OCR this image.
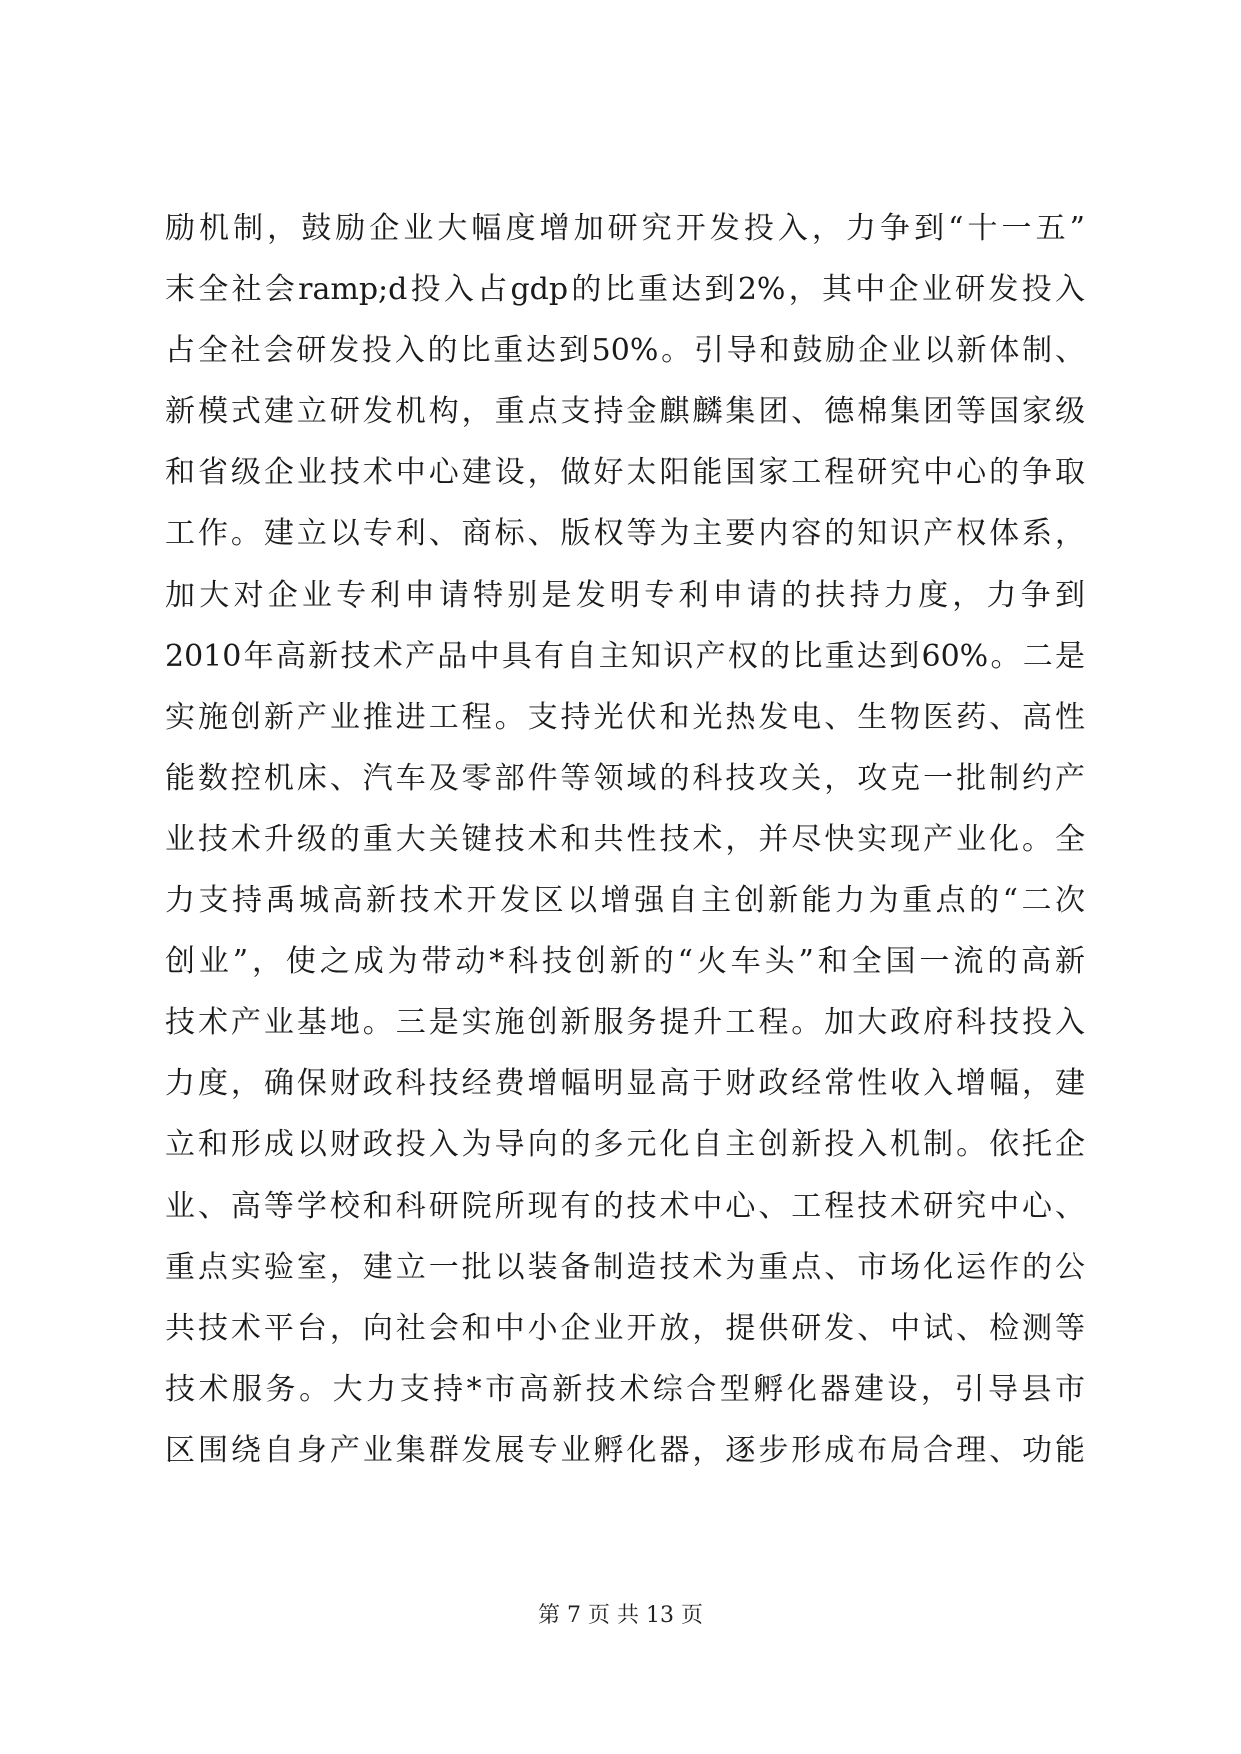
励机制，鼓励企业大幅度增加研究开发投入，力争到“十一五”
末全社会ramp;d投入占gdp的比重达到2%，其中企业研发投入
占全社会研发投入的比重达到50%。引导和鼓励企业以新体制、
新模式建立研发机构，重点支持金麒麟集团、德棉集团等国家级
和省级企业技术中心建设，做好太阳能国家工程研究中心的争取
工作。建立以专利、商标、版权等为主要内容的知识产权体系，
加大对企业专利申请特别是发明专利申请的扶持力度，力争到
2010年高新技术产品中具有自主知识产权的比重达到60%。二是
实施创新产业推进工程。支持光伏和光热发电、生物医药、高性
能数控机床、汽车及零部件等领域的科技攻关，攻克一批制约产
业技术升级的重大关键技术和共性技术，并尽快实现产业化。全
力支持禹城高新技术开发区以增强自主创新能力为重点的“二次
创业”，使之成为带动*科技创新的“火车头”和全国一流的高新
技术产业基地。三是实施创新服务提升工程。加大政府科技投入
力度，确保财政科技经费增幅明显高于财政经常性收入增幅，建
立和形成以财政投入为导向的多元化自主创新投入机制。依托企
业、高等学校和科研院所现有的技术中心、工程技术研究中心、
重点实验室，建立一批以装备制造技术为重点、市场化运作的公
共技术平台，向社会和中小企业开放，提供研发、中试、检测等
技术服务。大力支持*市高新技术综合型孵化器建设，引导县市
区围绕自身产业集群发展专业孵化器，逐步形成布局合理、功能
第 7 页 共 13 页
